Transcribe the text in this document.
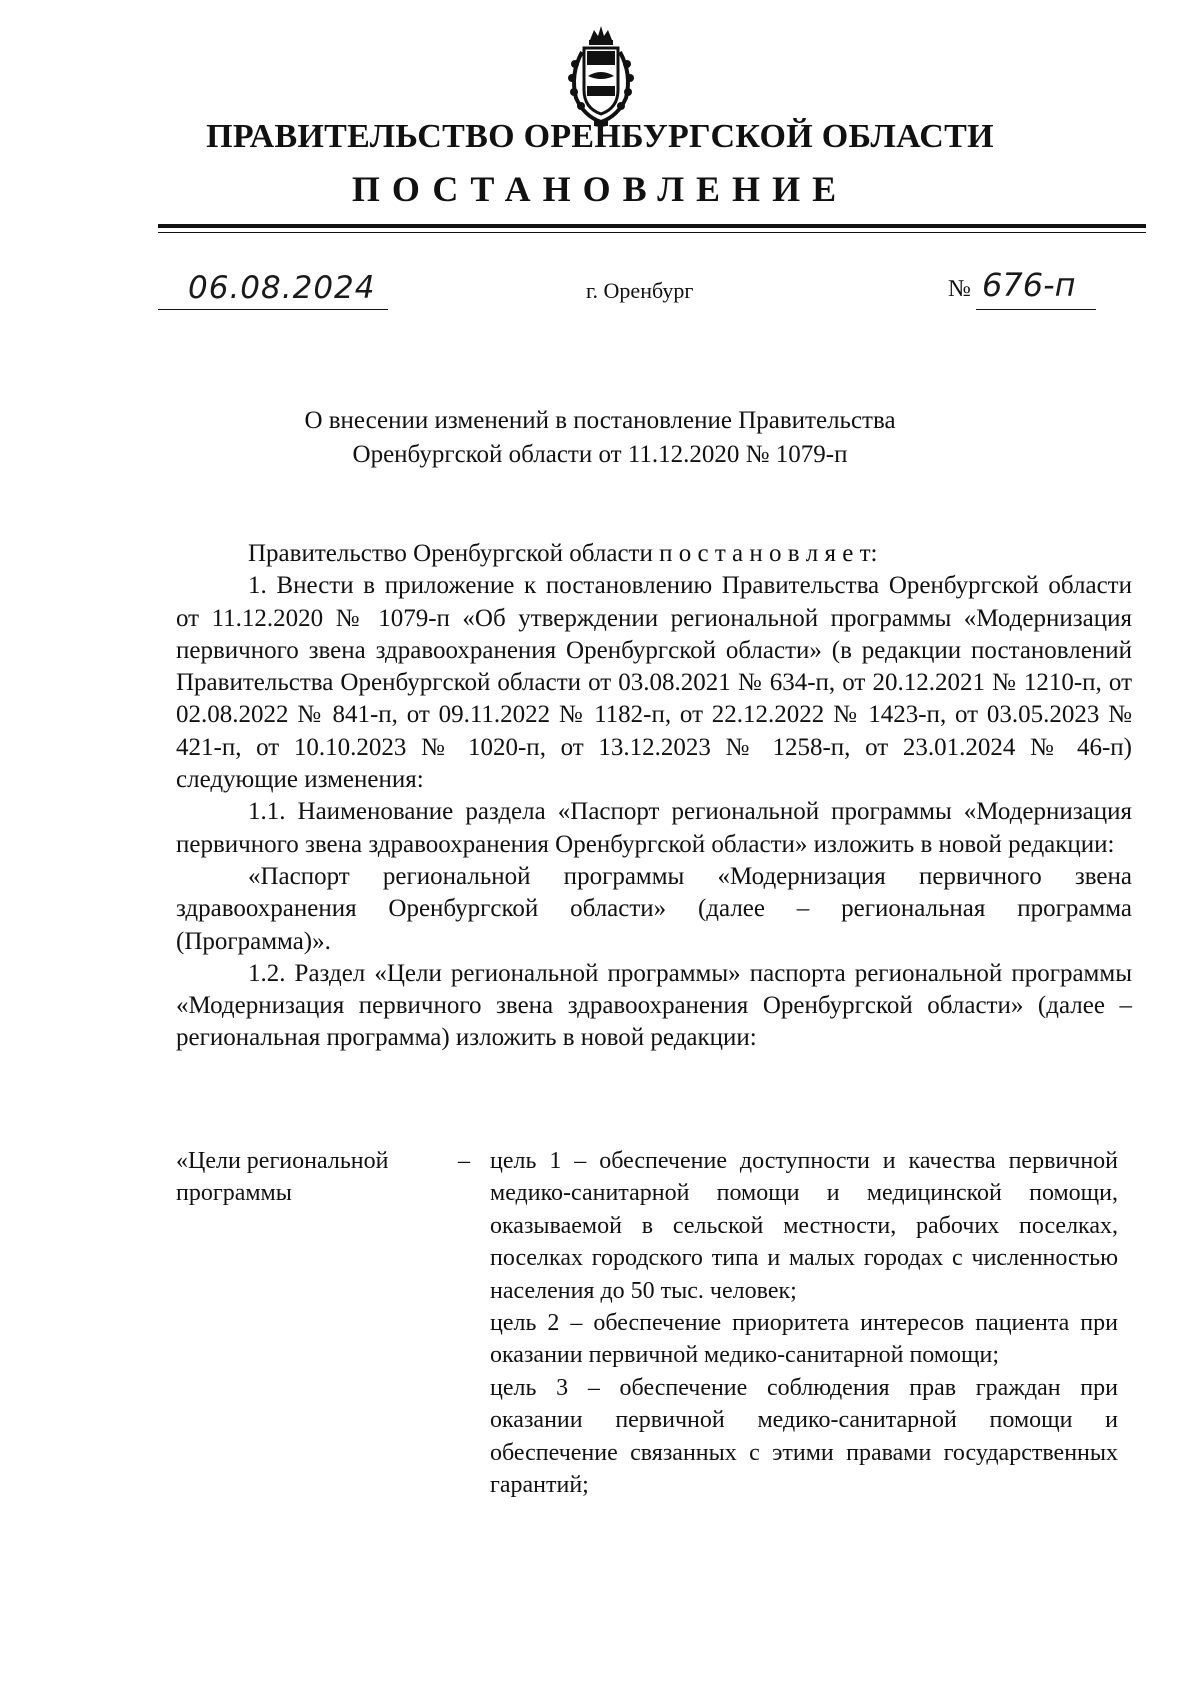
ПРАВИТЕЛЬСТВО ОРЕНБУРГСКОЙ ОБЛАСТИ
ПОСТАНОВЛЕНИЕ
06.08.2024	г. Оренбург	№ 676-п
О внесении изменений в постановление Правительства
Оренбургской области от 11.12.2020 № 1079-п

Правительство Оренбургской области п о с т а н о в л я е т:

1. Внести в приложение к постановлению Правительства Оренбургской области от 11.12.2020 № 1079-п «Об утверждении региональной программы «Модернизация первичного звена здравоохранения Оренбургской области» (в редакции постановлений Правительства Оренбургской области от 03.08.2021 № 634-п, от 20.12.2021 № 1210-п, от 02.08.2022 № 841-п, от 09.11.2022 № 1182-п, от 22.12.2022 № 1423-п, от 03.05.2023 № 421-п, от 10.10.2023 № 1020-п, от 13.12.2023 № 1258-п, от 23.01.2024 № 46-п) следующие изменения:

1.1. Наименование раздела «Паспорт региональной программы «Модернизация первичного звена здравоохранения Оренбургской области» изложить в новой редакции:

«Паспорт региональной программы «Модернизация первичного звена здравоохранения Оренбургской области» (далее – региональная программа (Программа)».

1.2. Раздел «Цели региональной программы» паспорта региональной программы «Модернизация первичного звена здравоохранения Оренбургской области» (далее – региональная программа) изложить в новой редакции:

«Цели региональной программы
– цель 1 – обеспечение доступности и качества первичной медико-санитарной помощи и медицинской помощи, оказываемой в сельской местности, рабочих поселках, поселках городского типа и малых городах с численностью населения до 50 тыс. человек;
цель 2 – обеспечение приоритета интересов пациента при оказании первичной медико-санитарной помощи;
цель 3 – обеспечение соблюдения прав граждан при оказании первичной медико-санитарной помощи и обеспечение связанных с этими правами государственных гарантий;
